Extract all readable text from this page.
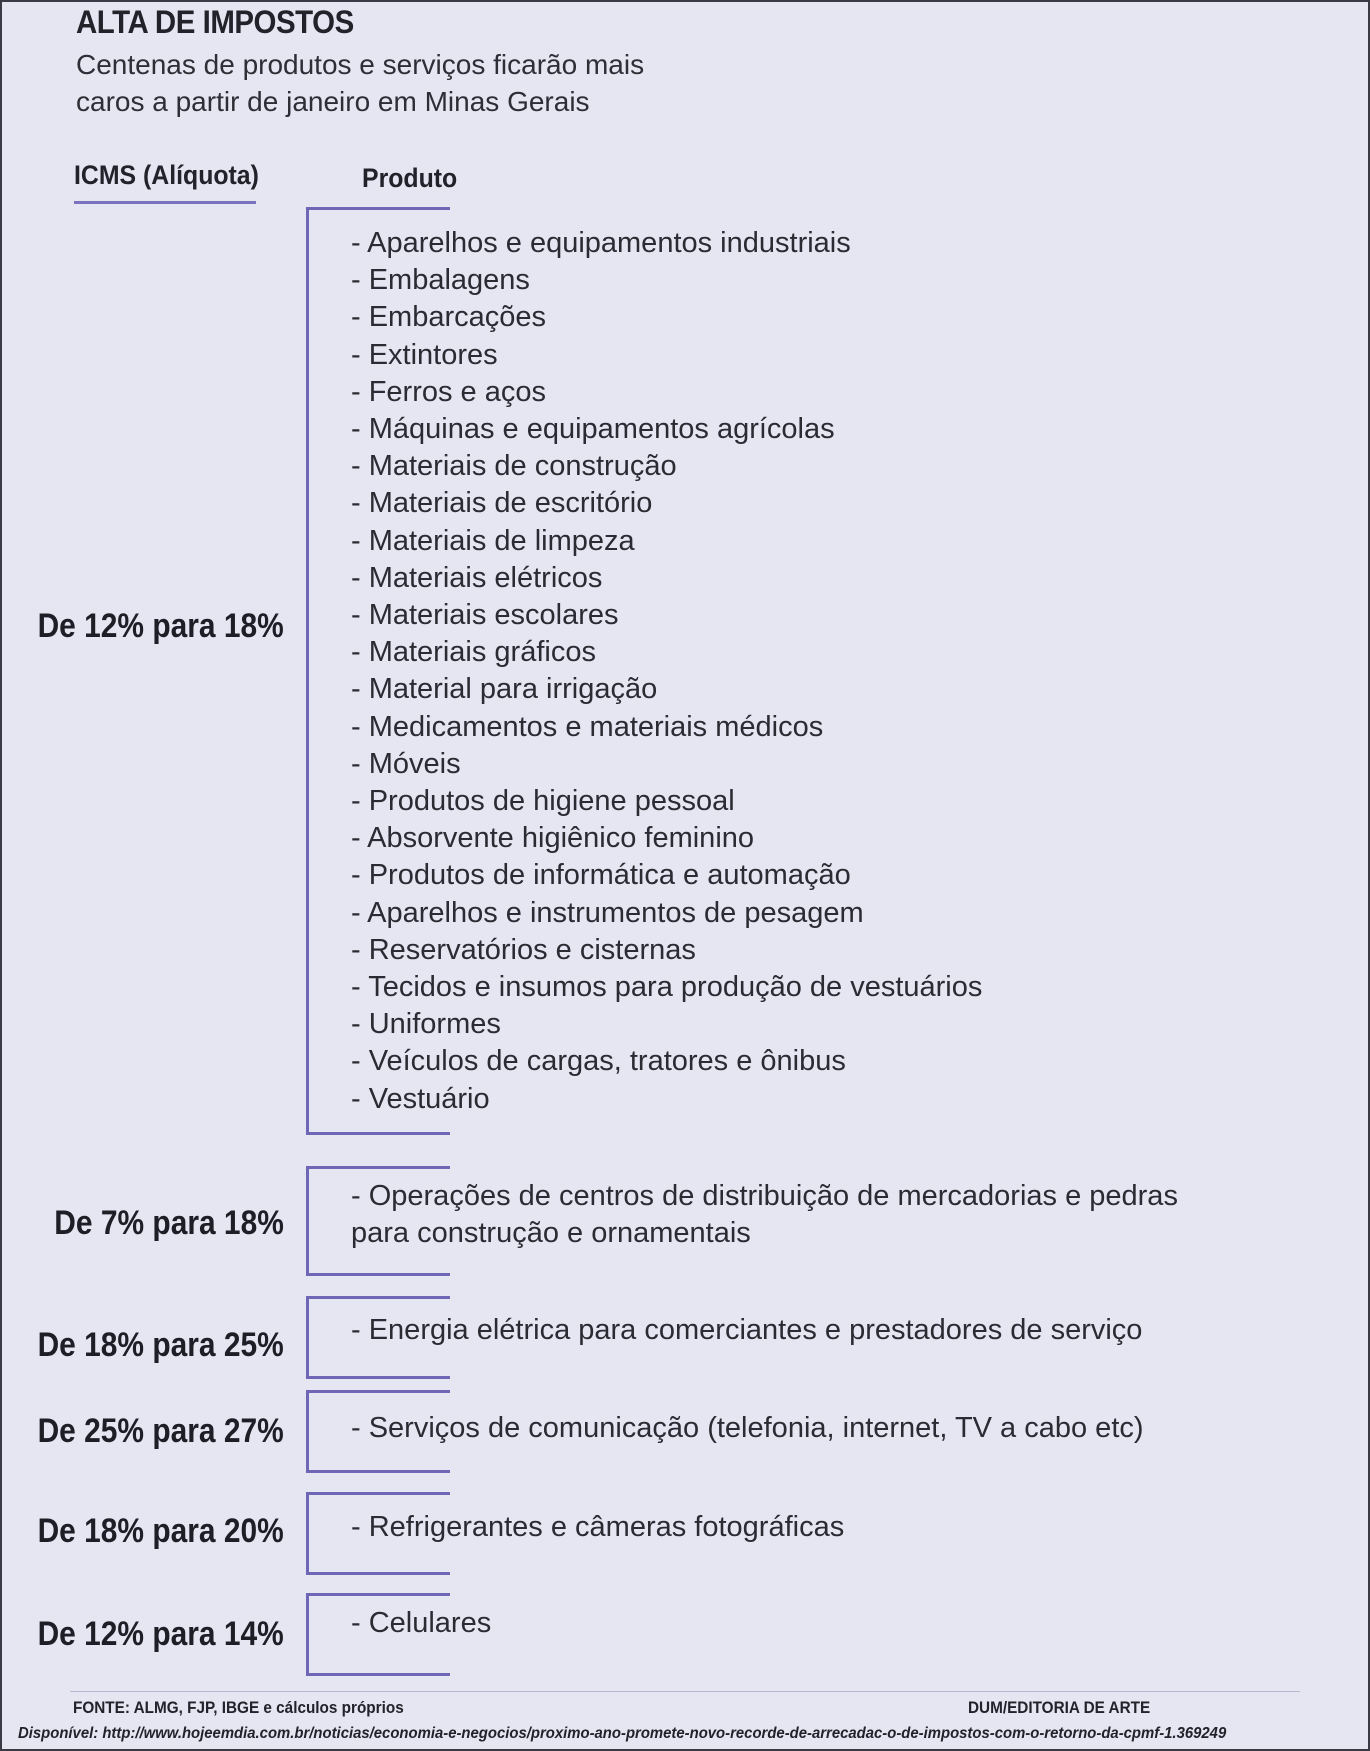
ALTA DE IMPOSTOS
Centenas de produtos e serviços ficarão mais
caros a partir de janeiro em Minas Gerais
ICMS (Alíquota)	Produto
De 12% para 18%
- Aparelhos e equipamentos industriais
- Embalagens
- Embarcações
- Extintores
- Ferros e aços
- Máquinas e equipamentos agrícolas
- Materiais de construção
- Materiais de escritório
- Materiais de limpeza
- Materiais elétricos
- Materiais escolares
- Materiais gráficos
- Material para irrigação
- Medicamentos e materiais médicos
- Móveis
- Produtos de higiene pessoal
- Absorvente higiênico feminino
- Produtos de informática e automação
- Aparelhos e instrumentos de pesagem
- Reservatórios e cisternas
- Tecidos e insumos para produção de vestuários
- Uniformes
- Veículos de cargas, tratores e ônibus
- Vestuário
De 7% para 18%
- Operações de centros de distribuição de mercadorias e pedras para construção e ornamentais
De 18% para 25% - Energia elétrica para comerciantes e prestadores de serviço
De 25% para 27% - Serviços de comunicação (telefonia, internet, TV a cabo etc)
De 18% para 20% - Refrigerantes e câmeras fotográficas
De 12% para 14% - Celulares
FONTE: ALMG, FJP, IBGE e cálculos próprios	DUM/EDITORIA DE ARTE
Disponível: http://www.hojeemdia.com.br/noticias/economia-e-negocios/proximo-ano-promete-novo-recorde-de-arrecadac-o-de-impostos-com-o-retorno-da-cpmf-1.369249
